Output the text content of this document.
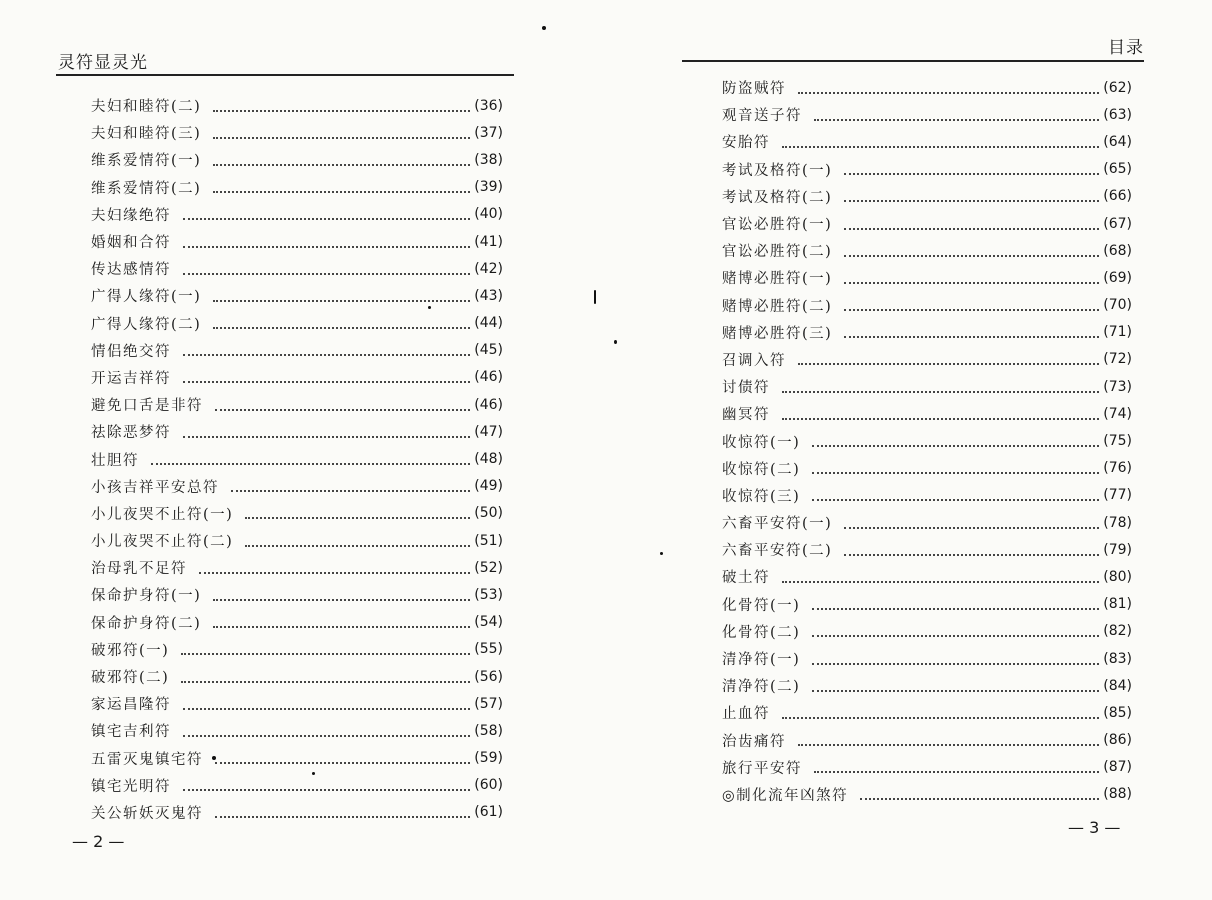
灵符显灵光
夫妇和睦符(二)	(36)
夫妇和睦符(三)	(37)
维系爱情符(一)	(38)
维系爱情符(二)	(39)
夫妇缘绝符	(40)
婚姻和合符	(41)
传达感情符	(42)
广得人缘符(一)	(43)
广得人缘符(二)	(44)
情侣绝交符	(45)
开运吉祥符	(46)
避免口舌是非符	(46)
祛除恶梦符	(47)
壮胆符	(48)
小孩吉祥平安总符	(49)
小儿夜哭不止符(一)	(50)
小儿夜哭不止符(二)	(51)
治母乳不足符	(52)
保命护身符(一)	(53)
保命护身符(二)	(54)
破邪符(一)	(55)
破邪符(二)	(56)
家运昌隆符	(57)
镇宅吉利符	(58)
五雷灭鬼镇宅符	(59)
镇宅光明符	(60)
关公斩妖灭鬼符	(61)
— 2 —
目录
防盗贼符	(62)
观音送子符	(63)
安胎符	(64)
考试及格符(一)	(65)
考试及格符(二)	(66)
官讼必胜符(一)	(67)
官讼必胜符(二)	(68)
赌博必胜符(一)	(69)
赌博必胜符(二)	(70)
赌博必胜符(三)	(71)
召调入符	(72)
讨债符	(73)
幽冥符	(74)
收惊符(一)	(75)
收惊符(二)	(76)
收惊符(三)	(77)
六畜平安符(一)	(78)
六畜平安符(二)	(79)
破土符	(80)
化骨符(一)	(81)
化骨符(二)	(82)
清净符(一)	(83)
清净符(二)	(84)
止血符	(85)
治齿痛符	(86)
旅行平安符	(87)
◎制化流年凶煞符	(88)
— 3 —
